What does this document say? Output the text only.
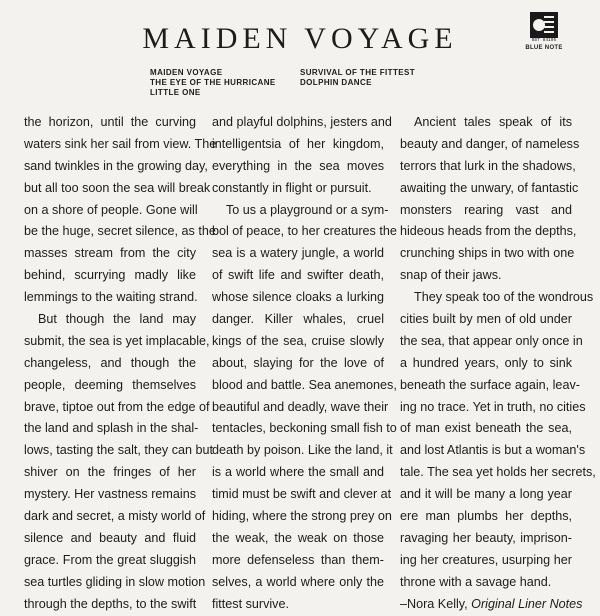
MAIDEN VOYAGE	BST 84195
BLUE NOTE
MAIDEN VOYAGE
THE EYE OF THE HURRICANE
LITTLE ONE
SURVIVAL OF THE FITTEST
DOLPHIN DANCE
the horizon, until the curving
waters sink her sail from view. The
sand twinkles in the growing day,
but all too soon the sea will break
on a shore of people. Gone will
be the huge, secret silence, as the
masses stream from the city
behind, scurrying madly like
lemmings to the waiting strand.
But though the land may
submit, the sea is yet implacable,
changeless, and though the
people, deeming themselves
brave, tiptoe out from the edge of
the land and splash in the shal-
lows, tasting the salt, they can but
shiver on the fringes of her
mystery. Her vastness remains
dark and secret, a misty world of
silence and beauty and fluid
grace. From the great sluggish
sea turtles gliding in slow motion
through the depths, to the swift
and playful dolphins, jesters and
intelligentsia of her kingdom,
everything in the sea moves
constantly in flight or pursuit.
To us a playground or a sym-
bol of peace, to her creatures the
sea is a watery jungle, a world
of swift life and swifter death,
whose silence cloaks a lurking
danger. Killer whales, cruel
kings of the sea, cruise slowly
about, slaying for the love of
blood and battle. Sea anemones,
beautiful and deadly, wave their
tentacles, beckoning small fish to
death by poison. Like the land, it
is a world where the small and
timid must be swift and clever at
hiding, where the strong prey on
the weak, the weak on those
more defenseless than them-
selves, a world where only the
fittest survive.
Ancient tales speak of its
beauty and danger, of nameless
terrors that lurk in the shadows,
awaiting the unwary, of fantastic
monsters rearing vast and
hideous heads from the depths,
crunching ships in two with one
snap of their jaws.
They speak too of the wondrous
cities built by men of old under
the sea, that appear only once in
a hundred years, only to sink
beneath the surface again, leav-
ing no trace. Yet in truth, no cities
of man exist beneath the sea,
and lost Atlantis is but a woman's
tale. The sea yet holds her secrets,
and it will be many a long year
ere man plumbs her depths,
ravaging her beauty, imprison-
ing her creatures, usurping her
throne with a savage hand.
–Nora Kelly, Original Liner Notes
